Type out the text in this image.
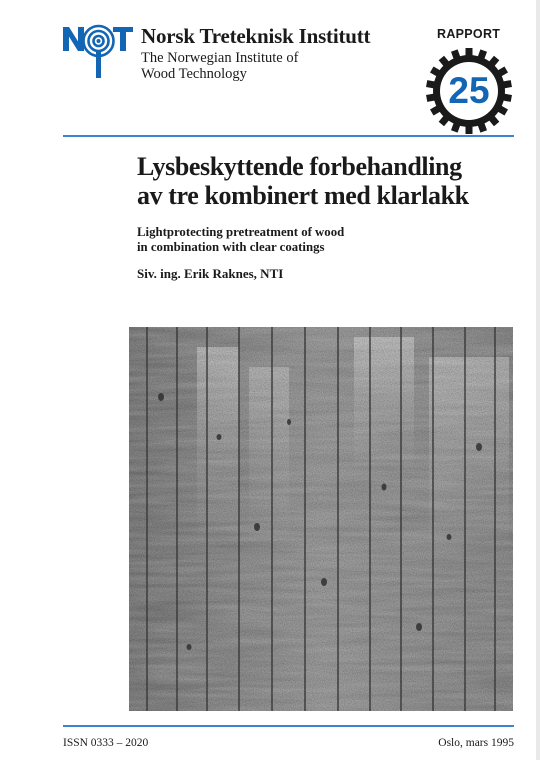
Norsk Treteknisk Institutt
The Norwegian Institute of
Wood Technology
RAPPORT
25
Lysbeskyttende forbehandling
av tre kombinert med klarlakk
Lightprotecting pretreatment of wood
in combination with clear coatings
Siv. ing. Erik Raknes, NTI
ISSN 0333 – 2020	Oslo, mars 1995
